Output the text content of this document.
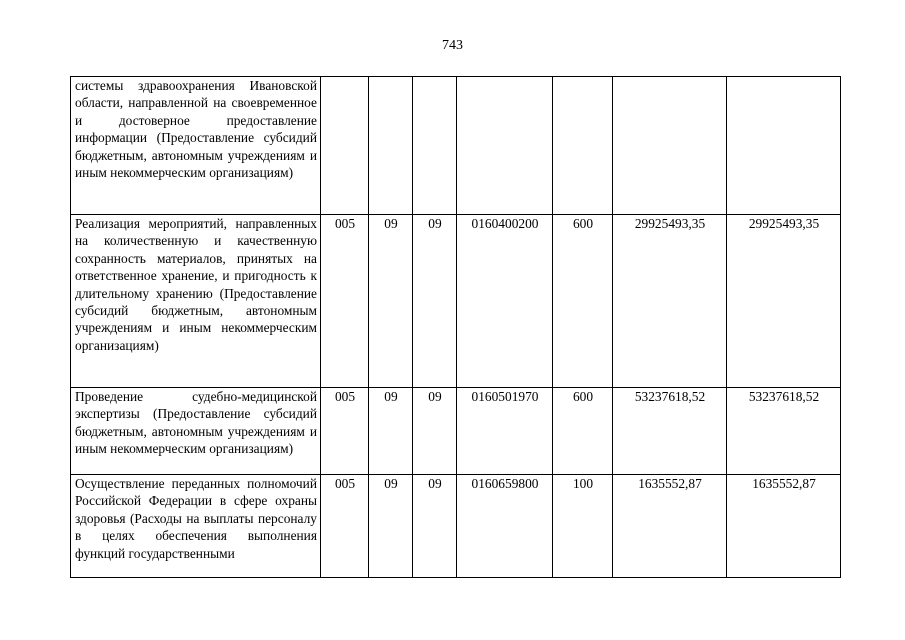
743
системы здравоохранения Ивановской области, направленной на своевременное и достоверное предоставление информации (Предоставление субсидий бюджетным, автономным учреждениям и иным некоммерческим организациям)							
Реализация мероприятий, направленных на количественную и качественную сохранность материалов, принятых на ответственное хранение, и пригодность к длительному хранению (Предоставление субсидий бюджетным, автономным учреждениям и иным некоммерческим организациям)	005	09	09	0160400200	600	29925493,35	29925493,35
Проведение судебно-медицинской экспертизы (Предоставление субсидий бюджетным, автономным учреждениям и иным некоммерческим организациям)	005	09	09	0160501970	600	53237618,52	53237618,52
Осуществление переданных полномочий Российской Федерации в сфере охраны здоровья (Расходы на выплаты персоналу в целях обеспечения выполнения функций государственными	005	09	09	0160659800	100	1635552,87	1635552,87
